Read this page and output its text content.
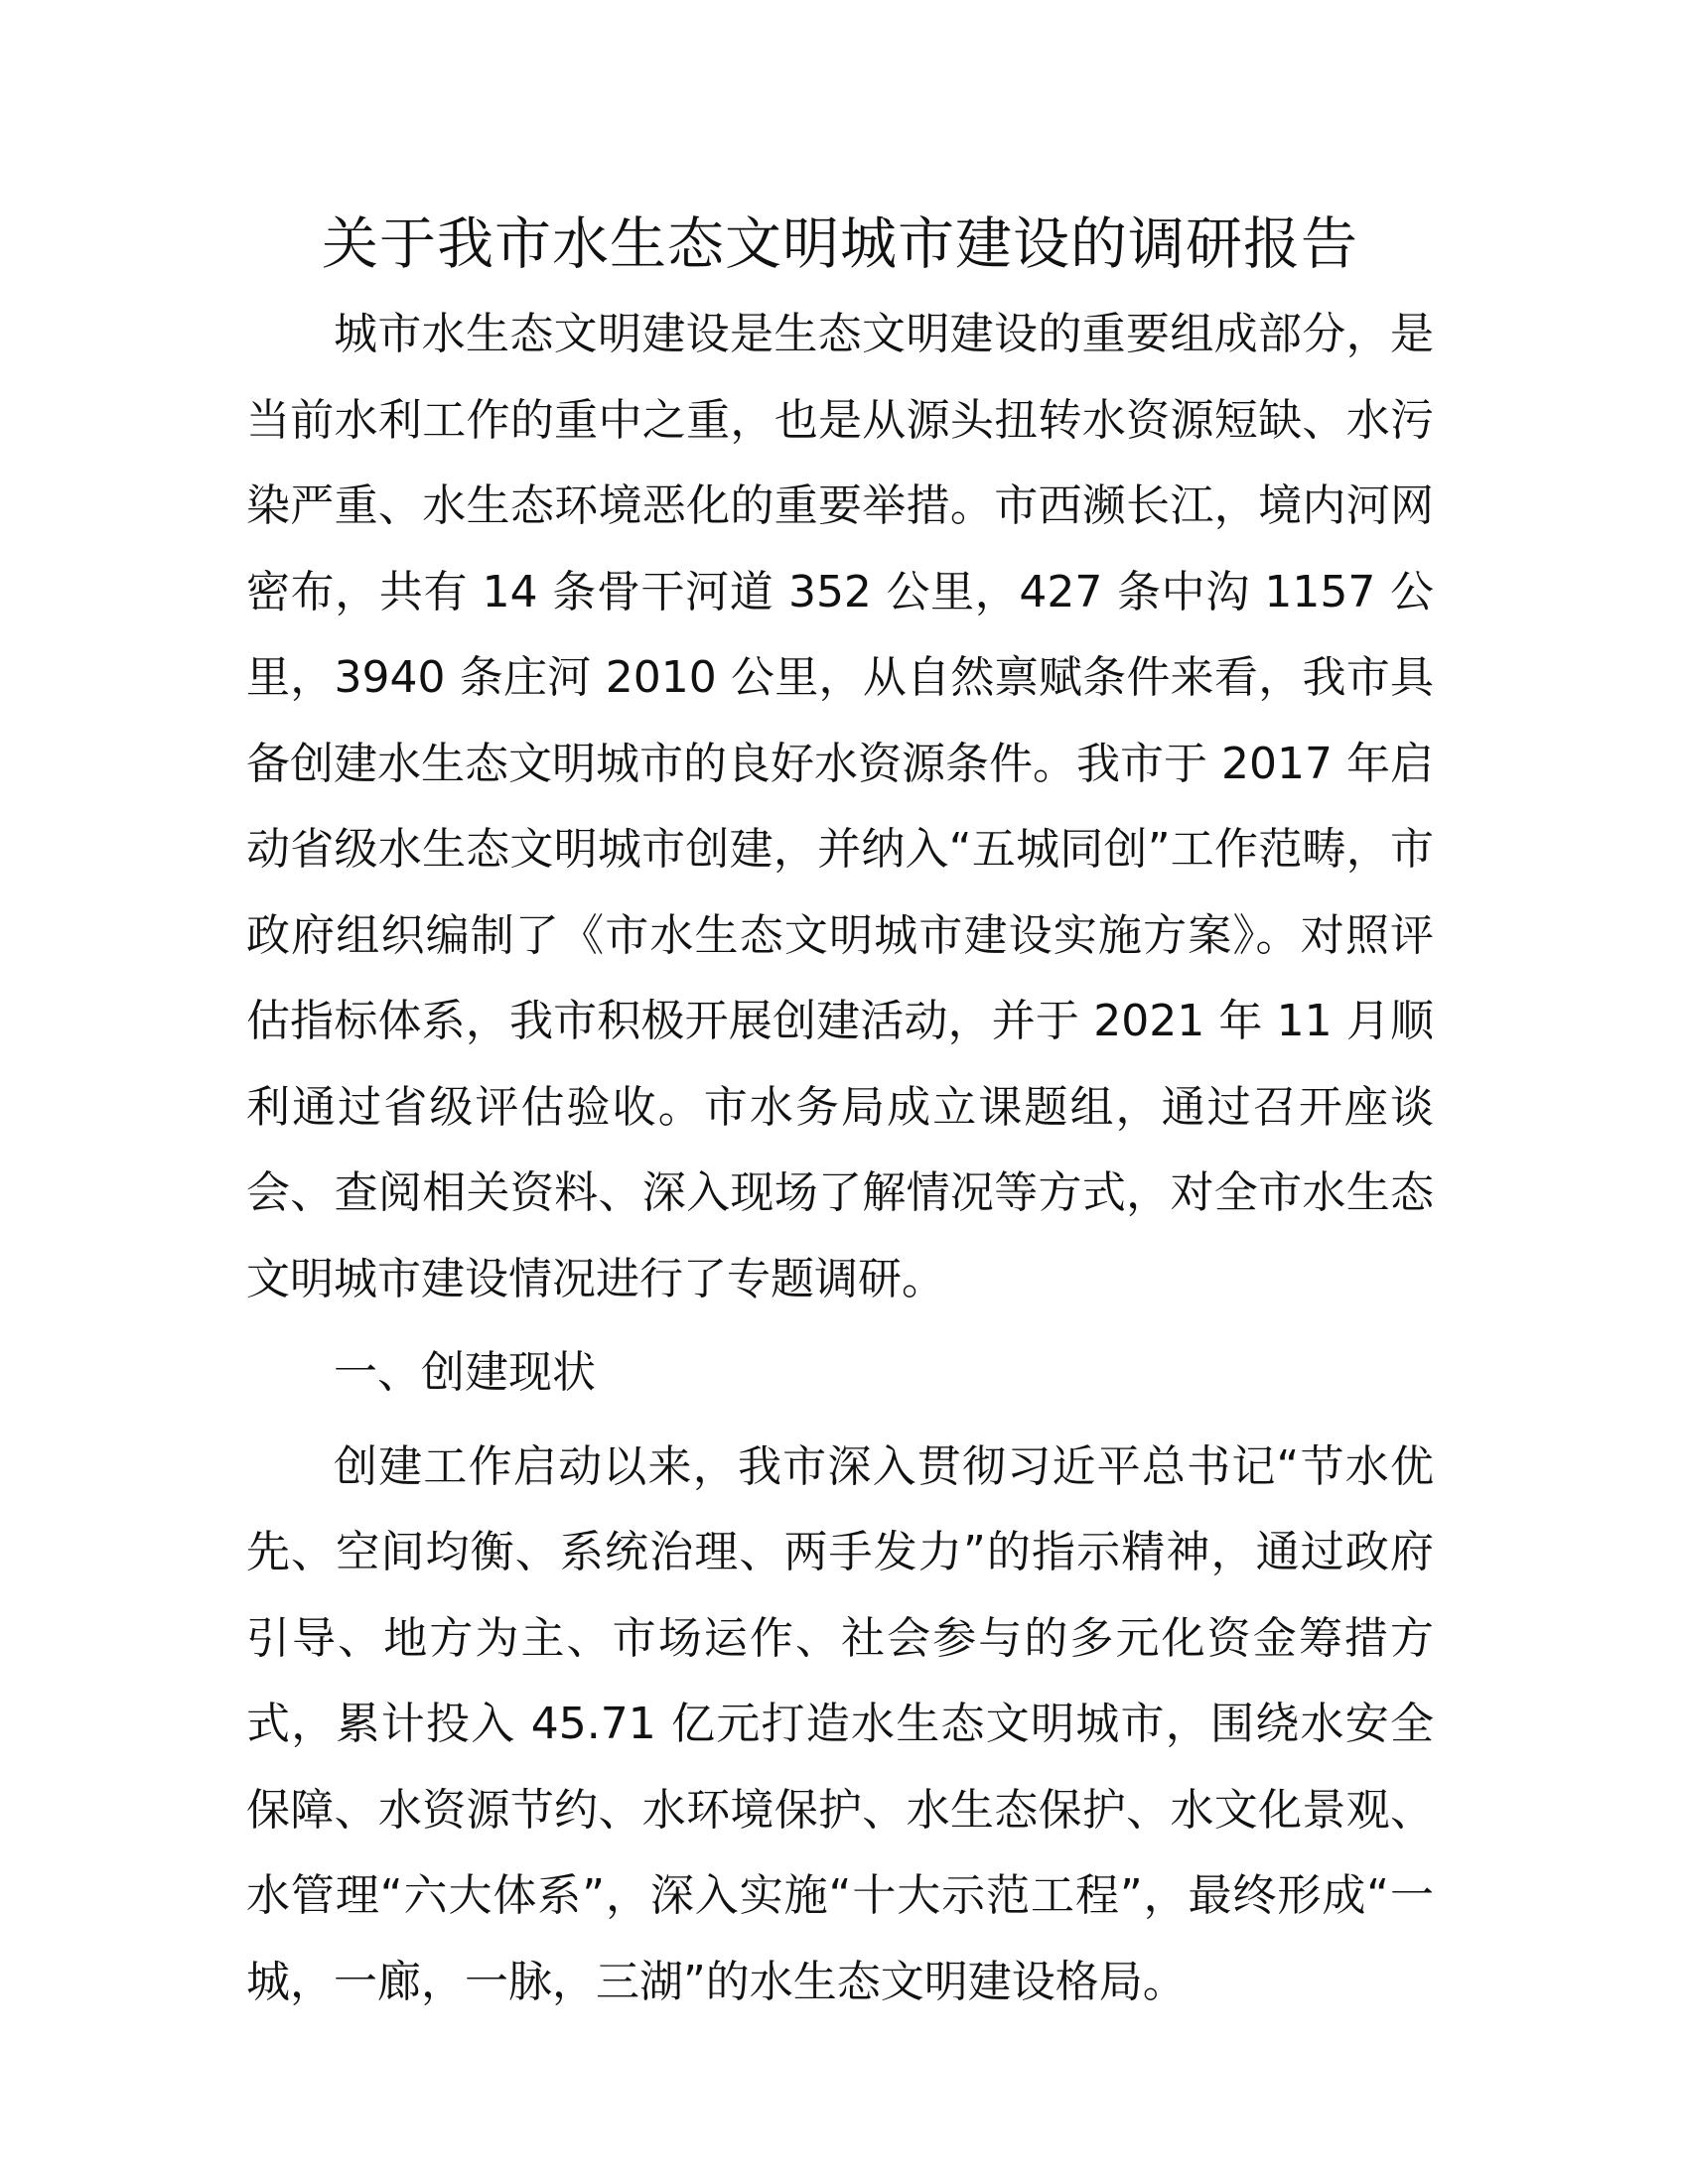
关于我市水生态文明城市建设的调研报告

城市水生态文明建设是生态文明建设的重要组成部分，是当前水利工作的重中之重，也是从源头扭转水资源短缺、水污染严重、水生态环境恶化的重要举措。市西濒长江，境内河网密布，共有 14 条骨干河道 352 公里，427 条中沟 1157 公里，3940 条庄河 2010 公里，从自然禀赋条件来看，我市具备创建水生态文明城市的良好水资源条件。我市于 2017 年启动省级水生态文明城市创建，并纳入“五城同创”工作范畴，市政府组织编制了《市水生态文明城市建设实施方案》。对照评估指标体系，我市积极开展创建活动，并于 2021 年 11 月顺利通过省级评估验收。市水务局成立课题组，通过召开座谈会、查阅相关资料、深入现场了解情况等方式，对全市水生态文明城市建设情况进行了专题调研。

一、创建现状

创建工作启动以来，我市深入贯彻习近平总书记“节水优先、空间均衡、系统治理、两手发力”的指示精神，通过政府引导、地方为主、市场运作、社会参与的多元化资金筹措方式，累计投入 45.71 亿元打造水生态文明城市，围绕水安全保障、水资源节约、水环境保护、水生态保护、水文化景观、水管理“六大体系”，深入实施“十大示范工程”，最终形成“一城，一廊，一脉，三湖”的水生态文明建设格局。
